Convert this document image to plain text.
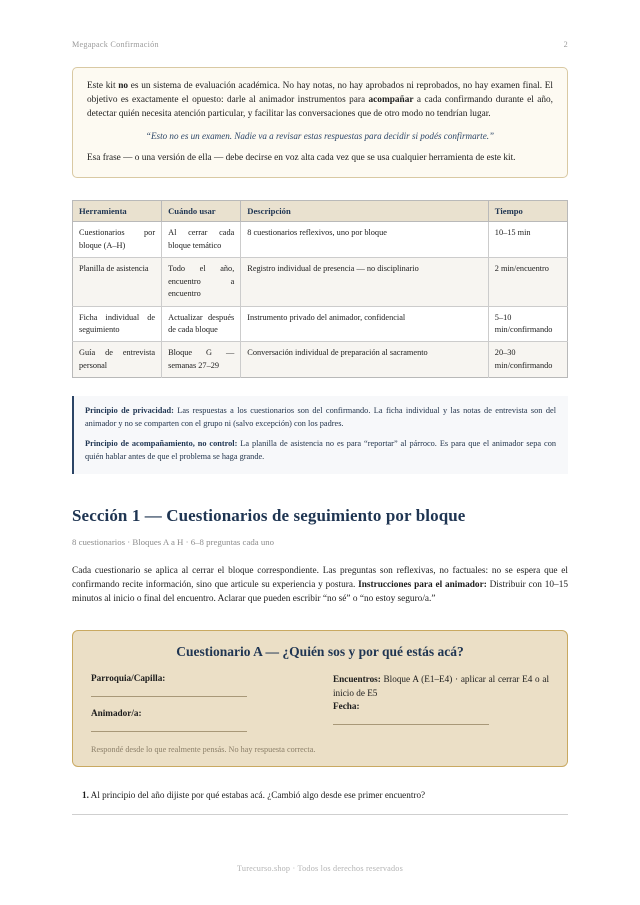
Megapack Confirmación	2

Este kit no es un sistema de evaluación académica. No hay notas, no hay aprobados ni reprobados, no hay examen final. El objetivo es exactamente el opuesto: darle al animador instrumentos para acompañar a cada confirmando durante el año, detectar quién necesita atención particular, y facilitar las conversaciones que de otro modo no tendrían lugar.

“Esto no es un examen. Nadie va a revisar estas respuestas para decidir si podés confirmarte.”

Esa frase — o una versión de ella — debe decirse en voz alta cada vez que se usa cualquier herramienta de este kit.

Herramienta	Cuándo usar	Descripción	Tiempo
Cuestionarios por bloque (A–H)	Al cerrar cada bloque temático	8 cuestionarios reflexivos, uno por bloque	10–15 min
Planilla de asistencia	Todo el año, encuentro a encuentro	Registro individual de presencia — no disciplinario	2 min/encuentro
Ficha individual de seguimiento	Actualizar después de cada bloque	Instrumento privado del animador, confidencial	5–10 min/confirmando
Guía de entrevista personal	Bloque G — semanas 27–29	Conversación individual de preparación al sacramento	20–30 min/confirmando

Principio de privacidad: Las respuestas a los cuestionarios son del confirmando. La ficha individual y las notas de entrevista son del animador y no se comparten con el grupo ni (salvo excepción) con los padres.

Principio de acompañamiento, no control: La planilla de asistencia no es para “reportar” al párroco. Es para que el animador sepa con quién hablar antes de que el problema se haga grande.

Sección 1 — Cuestionarios de seguimiento por bloque

8 cuestionarios · Bloques A a H · 6–8 preguntas cada uno

Cada cuestionario se aplica al cerrar el bloque correspondiente. Las preguntas son reflexivas, no factuales: no se espera que el confirmando recite información, sino que articule su experiencia y postura. Instrucciones para el animador: Distribuir con 10–15 minutos al inicio o final del encuentro. Aclarar que pueden escribir “no sé” o “no estoy seguro/a.”

Cuestionario A — ¿Quién sos y por qué estás acá?

Parroquia/Capilla:

Animador/a:

Encuentros: Bloque A (E1–E4) · aplicar al cerrar E4 o al inicio de E5

Fecha:

Respondé desde lo que realmente pensás. No hay respuesta correcta.

1. Al principio del año dijiste por qué estabas acá. ¿Cambió algo desde ese primer encuentro?

Turecurso.shop · Todos los derechos reservados
